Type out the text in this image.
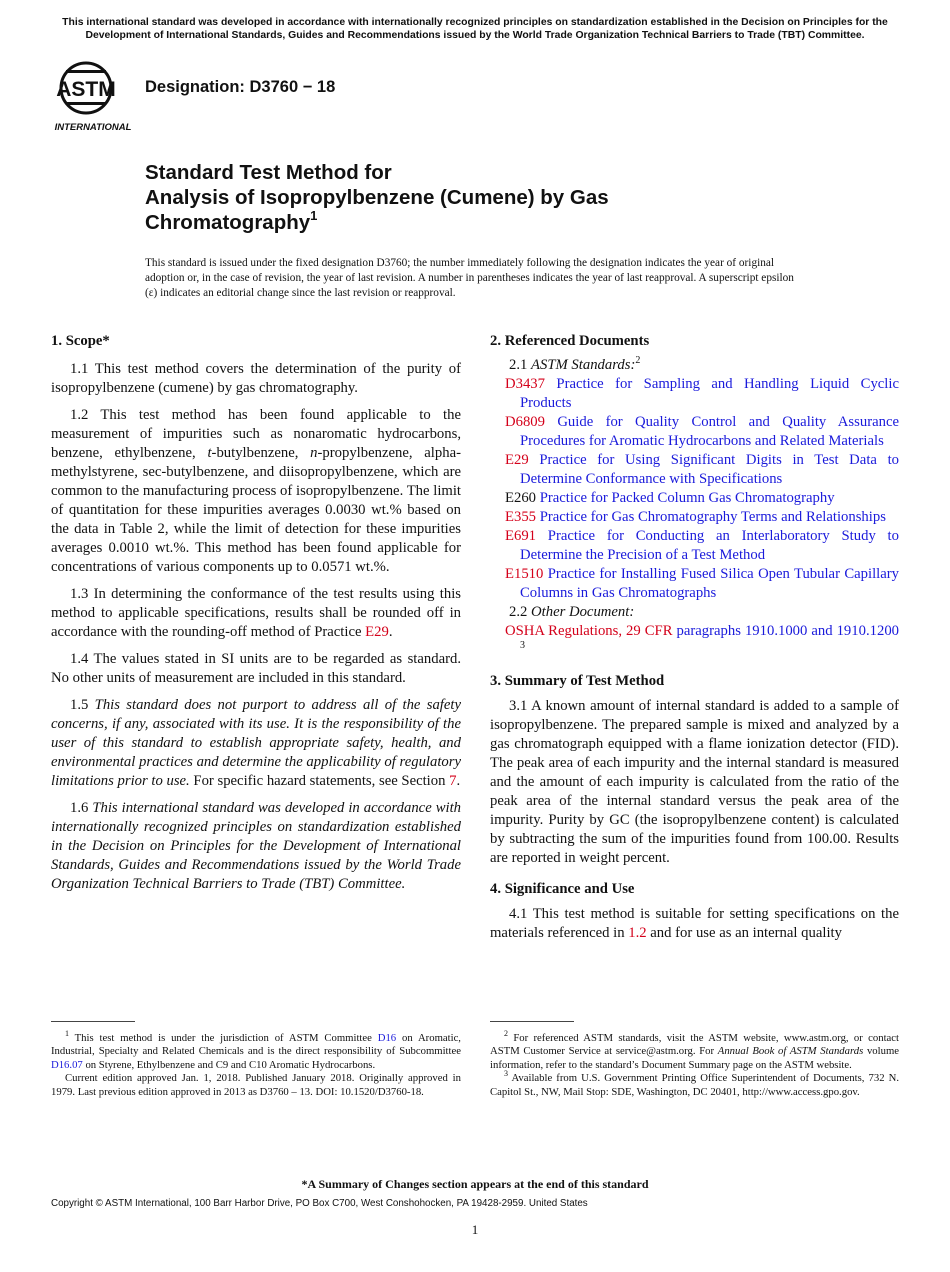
This international standard was developed in accordance with internationally recognized principles on standardization established in the Decision on Principles for the Development of International Standards, Guides and Recommendations issued by the World Trade Organization Technical Barriers to Trade (TBT) Committee.
ASTM
INTERNATIONAL
Designation: D3760 − 18
Standard Test Method for
Analysis of Isopropylbenzene (Cumene) by Gas
Chromatography$^1$
This standard is issued under the fixed designation D3760; the number immediately following the designation indicates the year of original adoption or, in the case of revision, the year of last revision. A number in parentheses indicates the year of last reapproval. A superscript epsilon (ε) indicates an editorial change since the last revision or reapproval.
1. Scope*

1.1 This test method covers the determination of the purity of isopropylbenzene (cumene) by gas chromatography.

1.2 This test method has been found applicable to the measurement of impurities such as nonaromatic hydrocarbons, benzene, ethylbenzene, t-butylbenzene, n-propylbenzene, alpha-methylstyrene, sec-butylbenzene, and diisopropylbenzene, which are common to the manufacturing process of isopropylbenzene. The limit of quantitation for these impurities averages 0.0030 wt.% based on the data in Table 2, while the limit of detection for these impurities averages 0.0010 wt.%. This method has been found applicable for concentrations of various components up to 0.0571 wt.%.

1.3 In determining the conformance of the test results using this method to applicable specifications, results shall be rounded off in accordance with the rounding-off method of Practice E29.

1.4 The values stated in SI units are to be regarded as standard. No other units of measurement are included in this standard.

1.5 This standard does not purport to address all of the safety concerns, if any, associated with its use. It is the responsibility of the user of this standard to establish appropriate safety, health, and environmental practices and determine the applicability of regulatory limitations prior to use. For specific hazard statements, see Section 7.

1.6 This international standard was developed in accordance with internationally recognized principles on standardization established in the Decision on Principles for the Development of International Standards, Guides and Recommendations issued by the World Trade Organization Technical Barriers to Trade (TBT) Committee.

2. Referenced Documents

2.1 ASTM Standards:$^2$

D3437 Practice for Sampling and Handling Liquid Cyclic Products

D6809 Guide for Quality Control and Quality Assurance Procedures for Aromatic Hydrocarbons and Related Materials

E29 Practice for Using Significant Digits in Test Data to Determine Conformance with Specifications

E260 Practice for Packed Column Gas Chromatography

E355 Practice for Gas Chromatography Terms and Relationships

E691 Practice for Conducting an Interlaboratory Study to Determine the Precision of a Test Method

E1510 Practice for Installing Fused Silica Open Tubular Capillary Columns in Gas Chromatographs

2.2 Other Document:

OSHA Regulations, 29 CFR paragraphs 1910.1000 and 1910.1200 $^3$

3. Summary of Test Method

3.1 A known amount of internal standard is added to a sample of isopropylbenzene. The prepared sample is mixed and analyzed by a gas chromatograph equipped with a flame ionization detector (FID). The peak area of each impurity and the internal standard is measured and the amount of each impurity is calculated from the ratio of the peak area of the internal standard versus the peak area of the impurity. Purity by GC (the isopropylbenzene content) is calculated by subtracting the sum of the impurities found from 100.00. Results are reported in weight percent.

4. Significance and Use

4.1 This test method is suitable for setting specifications on the materials referenced in 1.2 and for use as an internal quality

$^1$ This test method is under the jurisdiction of ASTM Committee D16 on Aromatic, Industrial, Specialty and Related Chemicals and is the direct responsibility of Subcommittee D16.07 on Styrene, Ethylbenzene and C9 and C10 Aromatic Hydrocarbons.

Current edition approved Jan. 1, 2018. Published January 2018. Originally approved in 1979. Last previous edition approved in 2013 as D3760 – 13. DOI: 10.1520/D3760-18.

$^2$ For referenced ASTM standards, visit the ASTM website, www.astm.org, or contact ASTM Customer Service at service@astm.org. For Annual Book of ASTM Standards volume information, refer to the standard’s Document Summary page on the ASTM website.

$^3$ Available from U.S. Government Printing Office Superintendent of Documents, 732 N. Capitol St., NW, Mail Stop: SDE, Washington, DC 20401, http://www.access.gpo.gov.

*A Summary of Changes section appears at the end of this standard
Copyright © ASTM International, 100 Barr Harbor Drive, PO Box C700, West Conshohocken, PA 19428-2959. United States
1
